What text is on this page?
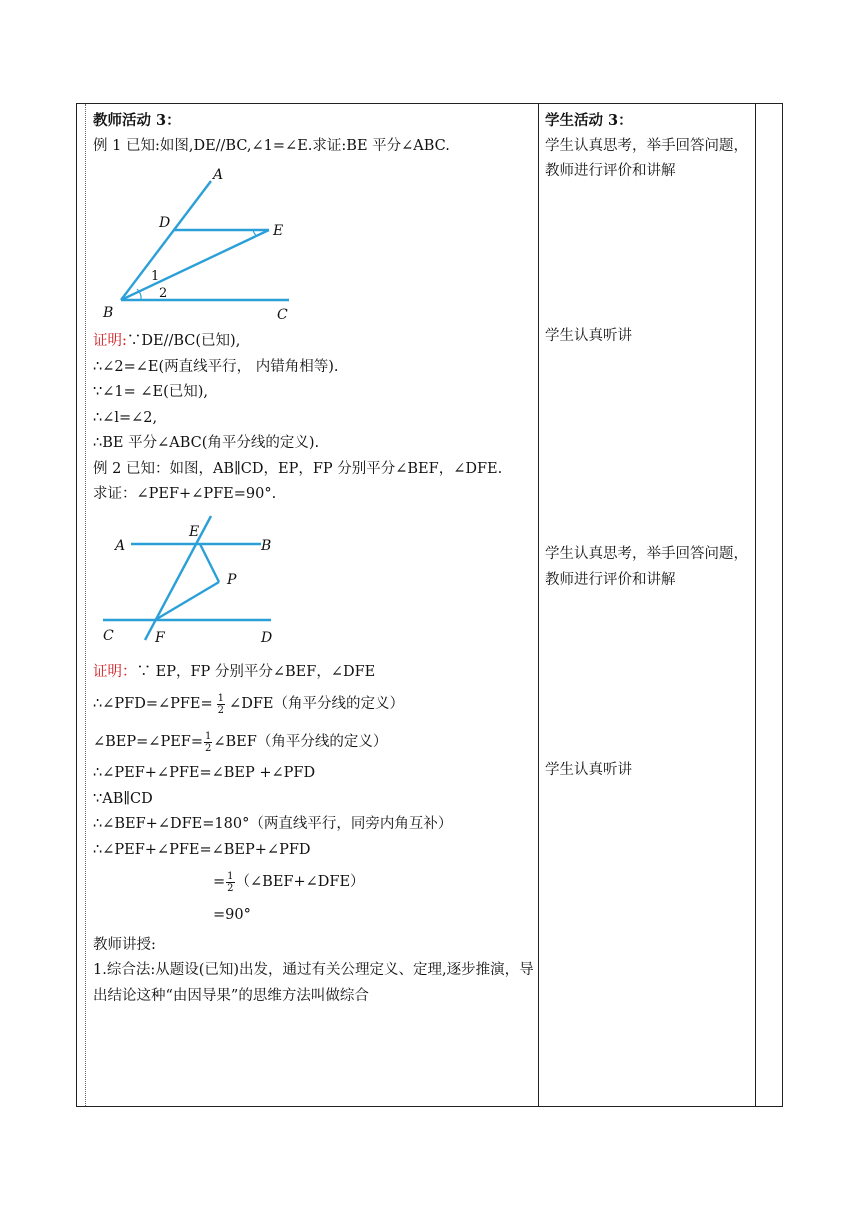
教师活动 3：
例 1 已知:如图,DE//BC,∠1=∠E.求证:BE 平分∠ABC.
A
D	E
B	C
1
2
证明:∵DE//BC(已知),
∴∠2=∠E(两直线平行， 内错角相等).
∵∠1= ∠E(已知),
∴∠l=∠2,
∴BE 平分∠ABC(角平分线的定义).
例 2 已知：如图，AB∥CD，EP，FP 分别平分∠BEF，∠DFE.
求证：∠PEF+∠PFE=90°.
A
E
B
P
C	F	D
证明：∵ EP，FP 分别平分∠BEF，∠DFE
∴∠PFD=∠PFE= $\frac{1}{2}$ ∠DFE（角平分线的定义）
∠BEP=∠PEF= $\frac{1}{2}$ ∠BEF（角平分线的定义）
∴∠PEF+∠PFE=∠BEP +∠PFD
∵AB∥CD
∴∠BEF+∠DFE=180°（两直线平行，同旁内角互补）
∴∠PEF+∠PFE=∠BEP+∠PFD
= $\frac{1}{2}$ （∠BEF+∠DFE）
=90°
教师讲授:
1.综合法:从题设(已知)出发，通过有关公理定义、定理,逐步推演，导出结论这种“由因导果”的思维方法叫做综合
学生活动 3：
学生认真思考，举手回答问题，教师进行评价和讲解
学生认真听讲
学生认真思考，举手回答问题，教师进行评价和讲解
学生认真听讲
